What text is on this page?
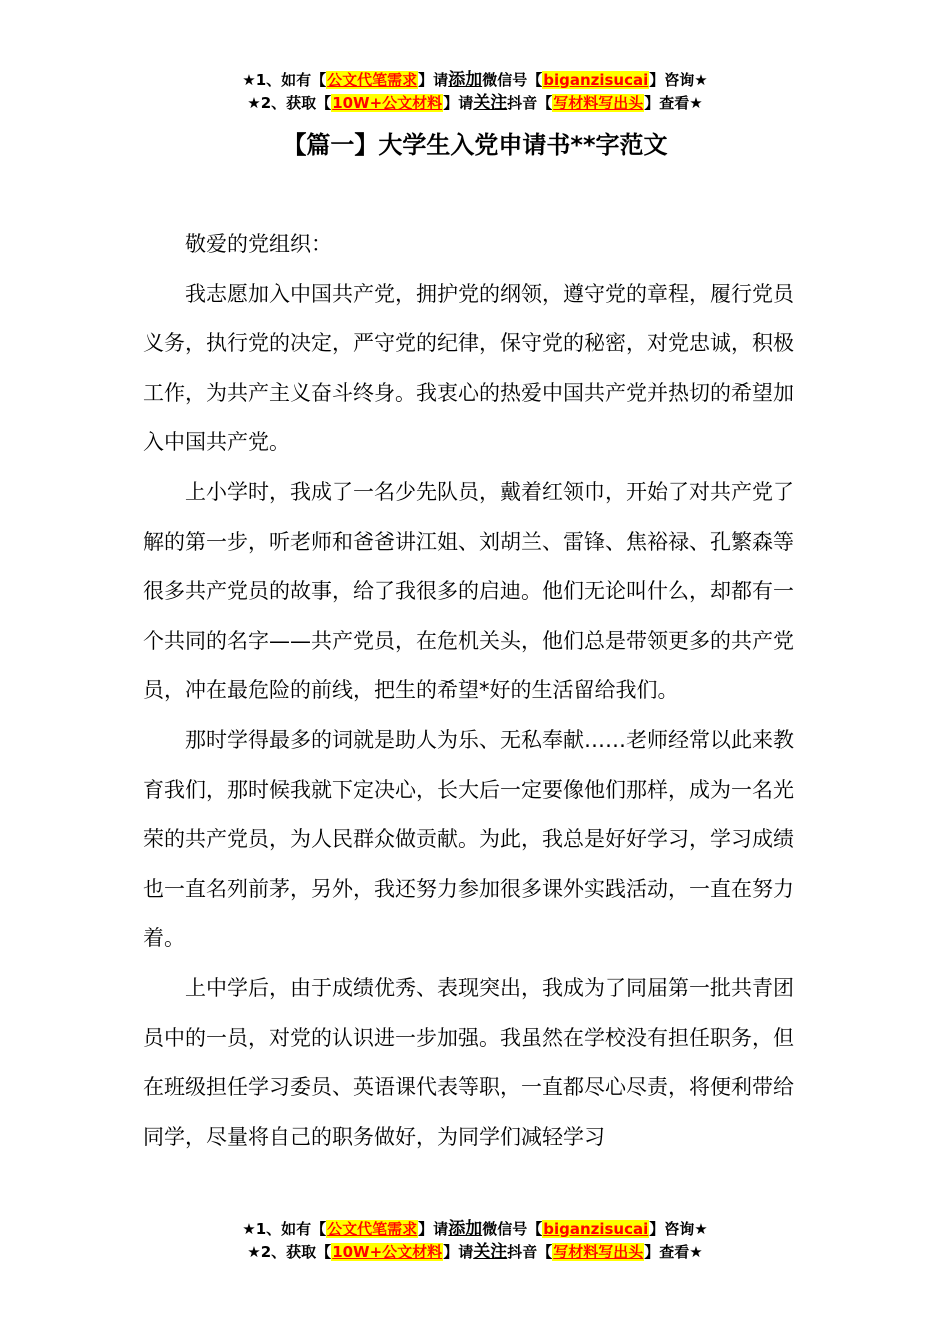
★1、如有【公文代笔需求】请添加微信号【biganzisucai】咨询★
★2、获取【10W+公文材料】请关注抖音【写材料写出头】查看★
【篇一】大学生入党申请书**字范文

敬爱的党组织：

我志愿加入中国共产党，拥护党的纲领，遵守党的章程，履行党员义务，执行党的决定，严守党的纪律，保守党的秘密，对党忠诚，积极工作，为共产主义奋斗终身。我衷心的热爱中国共产党并热切的希望加入中国共产党。

上小学时，我成了一名少先队员，戴着红领巾，开始了对共产党了解的第一步，听老师和爸爸讲江姐、刘胡兰、雷锋、焦裕禄、孔繁森等很多共产党员的故事，给了我很多的启迪。他们无论叫什么，却都有一个共同的名字——共产党员，在危机关头，他们总是带领更多的共产党员，冲在最危险的前线，把生的希望*好的生活留给我们。

那时学得最多的词就是助人为乐、无私奉献……老师经常以此来教育我们，那时候我就下定决心，长大后一定要像他们那样，成为一名光荣的共产党员，为人民群众做贡献。为此，我总是好好学习，学习成绩也一直名列前茅，另外，我还努力参加很多课外实践活动，一直在努力着。

上中学后，由于成绩优秀、表现突出，我成为了同届第一批共青团员中的一员，对党的认识进一步加强。我虽然在学校没有担任职务，但在班级担任学习委员、英语课代表等职，一直都尽心尽责，将便利带给同学，尽量将自己的职务做好，为同学们减轻学习

★1、如有【公文代笔需求】请添加微信号【biganzisucai】咨询★
★2、获取【10W+公文材料】请关注抖音【写材料写出头】查看★
